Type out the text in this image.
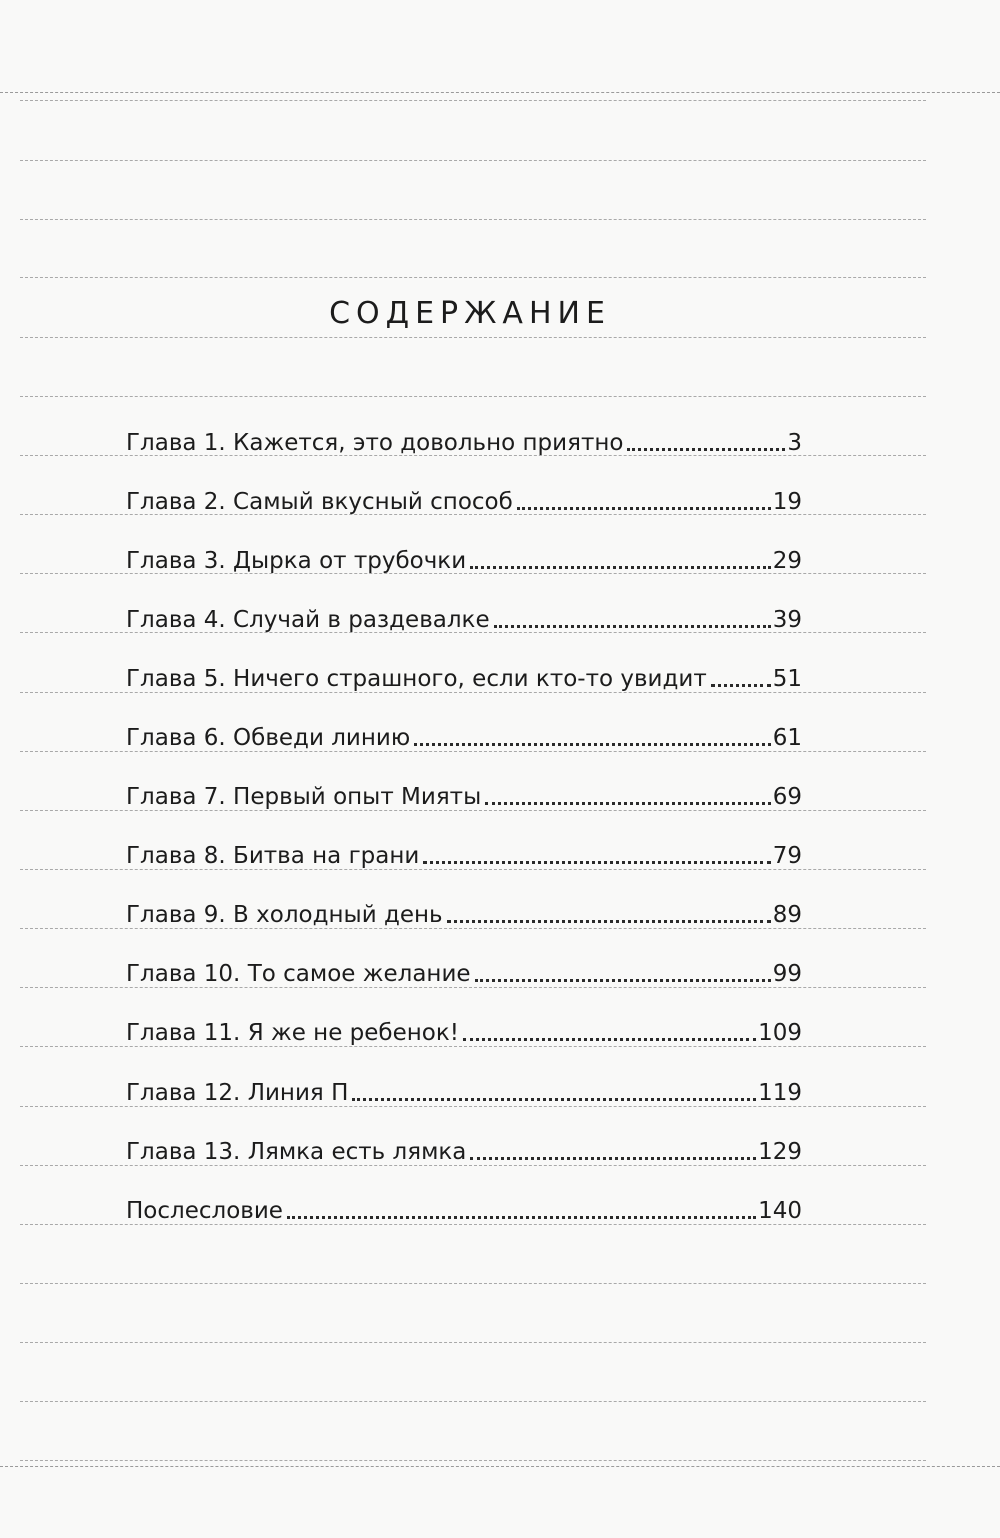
СОДЕРЖАНИЕ
Глава 1. Кажется, это довольно приятно	3
Глава 2. Самый вкусный способ	19
Глава 3. Дырка от трубочки	29
Глава 4. Случай в раздевалке	39
Глава 5. Ничего страшного, если кто-то увидит	51
Глава 6. Обведи линию	61
Глава 7. Первый опыт Мияты	69
Глава 8. Битва на грани	79
Глава 9. В холодный день	89
Глава 10. То самое желание	99
Глава 11. Я же не ребенок!	109
Глава 12. Линия П	119
Глава 13. Лямка есть лямка	129
Послесловие	140
